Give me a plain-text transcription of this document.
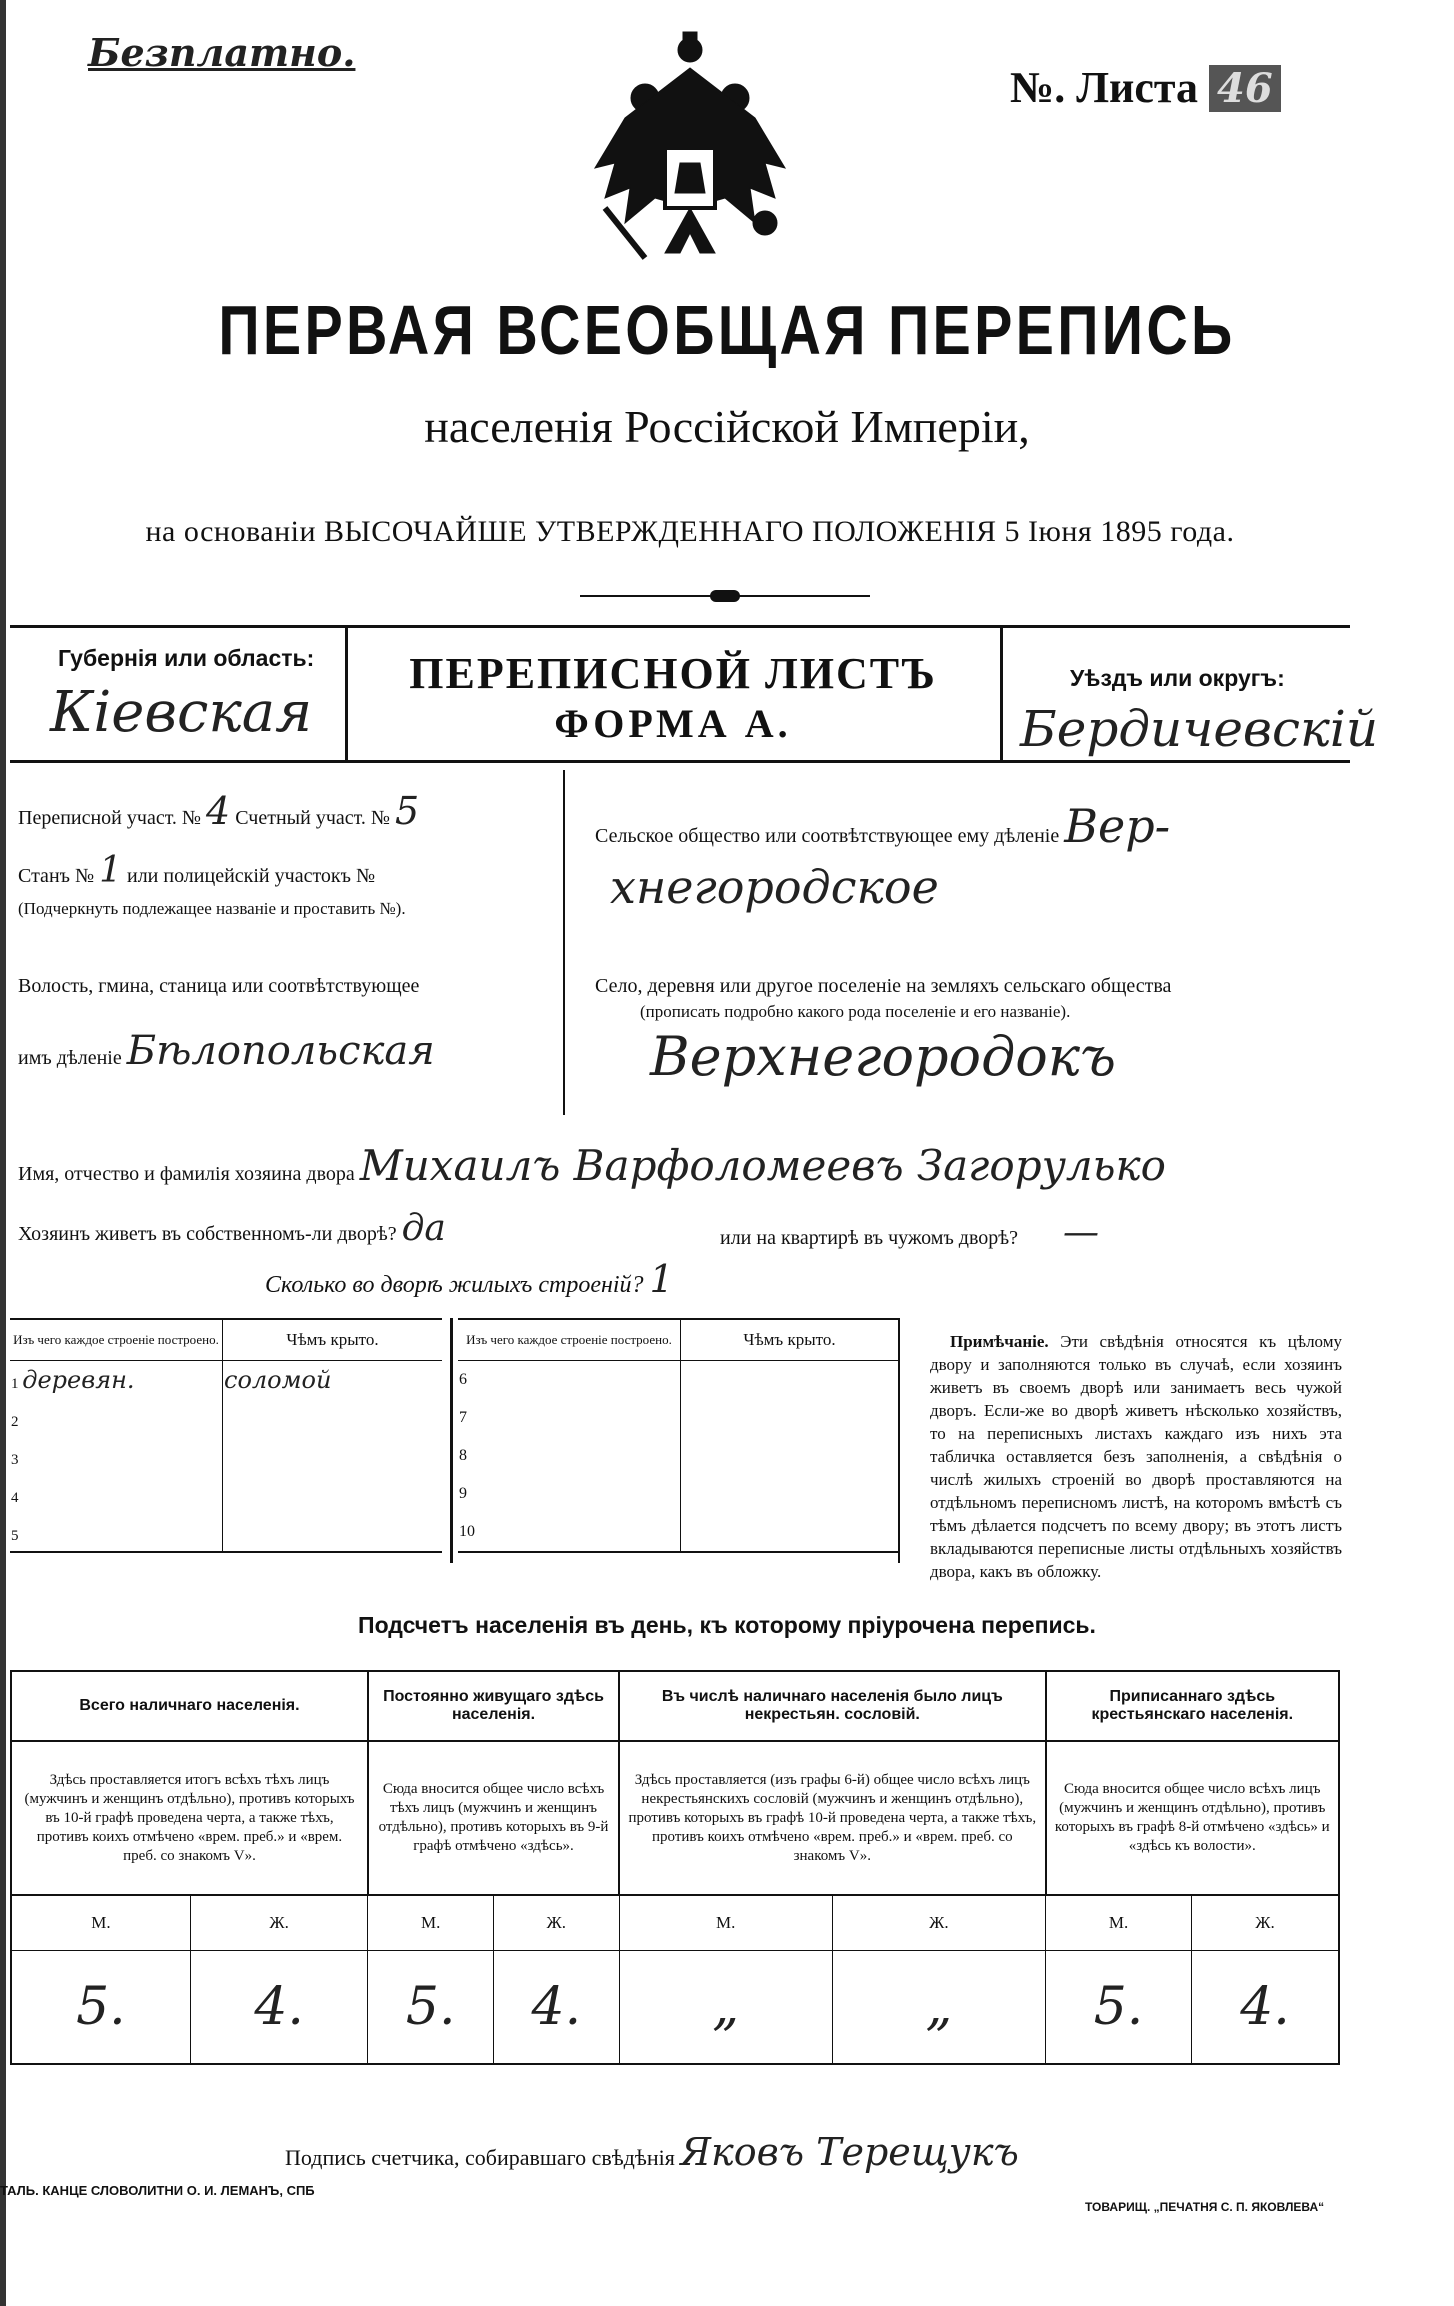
Безплатно.
№. Листа 46
ПЕРВАЯ ВСЕОБЩАЯ ПЕРЕПИСЬ
населенія Россійской Имперіи,
на основаніи ВЫСОЧАЙШЕ УТВЕРЖДЕННАГО ПОЛОЖЕНІЯ 5 Іюня 1895 года.
Губернія или область:
Кіевская
ПЕРЕПИСНОЙ ЛИСТЪ
ФОРМА А.
Уѣздъ или округъ:
Бердичевскій
Переписной участ. № 4 Счетный участ. № 5
Станъ № 1 или полицейскій участокъ №
(Подчеркнуть подлежащее названіе и проставить №).
Волость, гмина, станица или соотвѣтствующее
имъ дѣленіе Бѣлопольская
Сельское общество или соотвѣтствующее ему дѣленіе Вер-
хнегородское
Село, деревня или другое поселеніе на земляхъ сельскаго общества
(прописать подробно какого рода поселеніе и его названіе).
Верхнегородокъ
Имя, отчество и фамилія хозяина двора Михаилъ Варфоломеевъ Загорулько
Хозяинъ живетъ въ собственномъ-ли дворѣ? да	или на квартирѣ въ чужомъ дворѣ? —
Сколько во дворѣ жилыхъ строеній? 1
Изъ чего каждое строеніе построено.	Чѣмъ крыто.
1 деревян.	соломой
2	
3	
4	
5	
Изъ чего каждое строеніе построено.	Чѣмъ крыто.
6	
7	
8	
9	
10	
Примѣчаніе. Эти свѣдѣнія относятся къ цѣлому двору и заполняются только въ случаѣ, если хозяинъ живетъ въ своемъ дворѣ или занимаетъ весь чужой дворъ. Если-же во дворѣ живетъ нѣсколько хозяйствъ, то на переписныхъ листахъ каждаго изъ нихъ эта табличка оставляется безъ заполненія, а свѣдѣнія о числѣ жилыхъ строеній во дворѣ проставляются на отдѣльномъ переписномъ листѣ, на которомъ вмѣстѣ съ тѣмъ дѣлается подсчетъ по всему двору; въ этотъ листъ вкладываются переписные листы отдѣльныхъ хозяйствъ двора, какъ въ обложку.
Подсчетъ населенія въ день, къ которому пріурочена перепись.
Всего наличнаго населенія.		Постоянно живущаго здѣсь населенія.		Въ числѣ наличнаго населенія было лицъ некрестьян. сословій.		Приписаннаго здѣсь крестьянскаго населенія.	
Здѣсь проставляется итогъ всѣхъ тѣхъ лицъ (мужчинъ и женщинъ отдѣльно), противъ которыхъ въ 10-й графѣ проведена черта, а также тѣхъ, противъ коихъ отмѣчено «врем. преб.» и «врем. преб. со знакомъ V».		Сюда вносится общее число всѣхъ тѣхъ лицъ (мужчинъ и женщинъ отдѣльно), противъ которыхъ въ 9-й графѣ отмѣчено «здѣсь».		Здѣсь проставляется (изъ графы 6-й) общее число всѣхъ лицъ некрестьянскихъ сословій (мужчинъ и женщинъ отдѣльно), противъ которыхъ въ графѣ 10-й проведена черта, а также тѣхъ, противъ коихъ отмѣчено «врем. преб.» и «врем. преб. со знакомъ V».		Сюда вносится общее число всѣхъ лицъ (мужчинъ и женщинъ отдѣльно), противъ которыхъ въ графѣ 8-й отмѣчено «здѣсь» и «здѣсь къ волости».	
М.	Ж.	М.	Ж.	М.	Ж.	М.	Ж.
5.	4.	5.	4.	„	„	5.	4.
Подпись счетчика, собиравшаго свѣдѣнія Яковъ Терещукъ
ТАЛЬ. КАНЦЕ СЛОВОЛИТНИ О. И. ЛЕМАНЪ, СПБ
ТОВАРИЩ. „ПЕЧАТНЯ С. П. ЯКОВЛЕВА“
